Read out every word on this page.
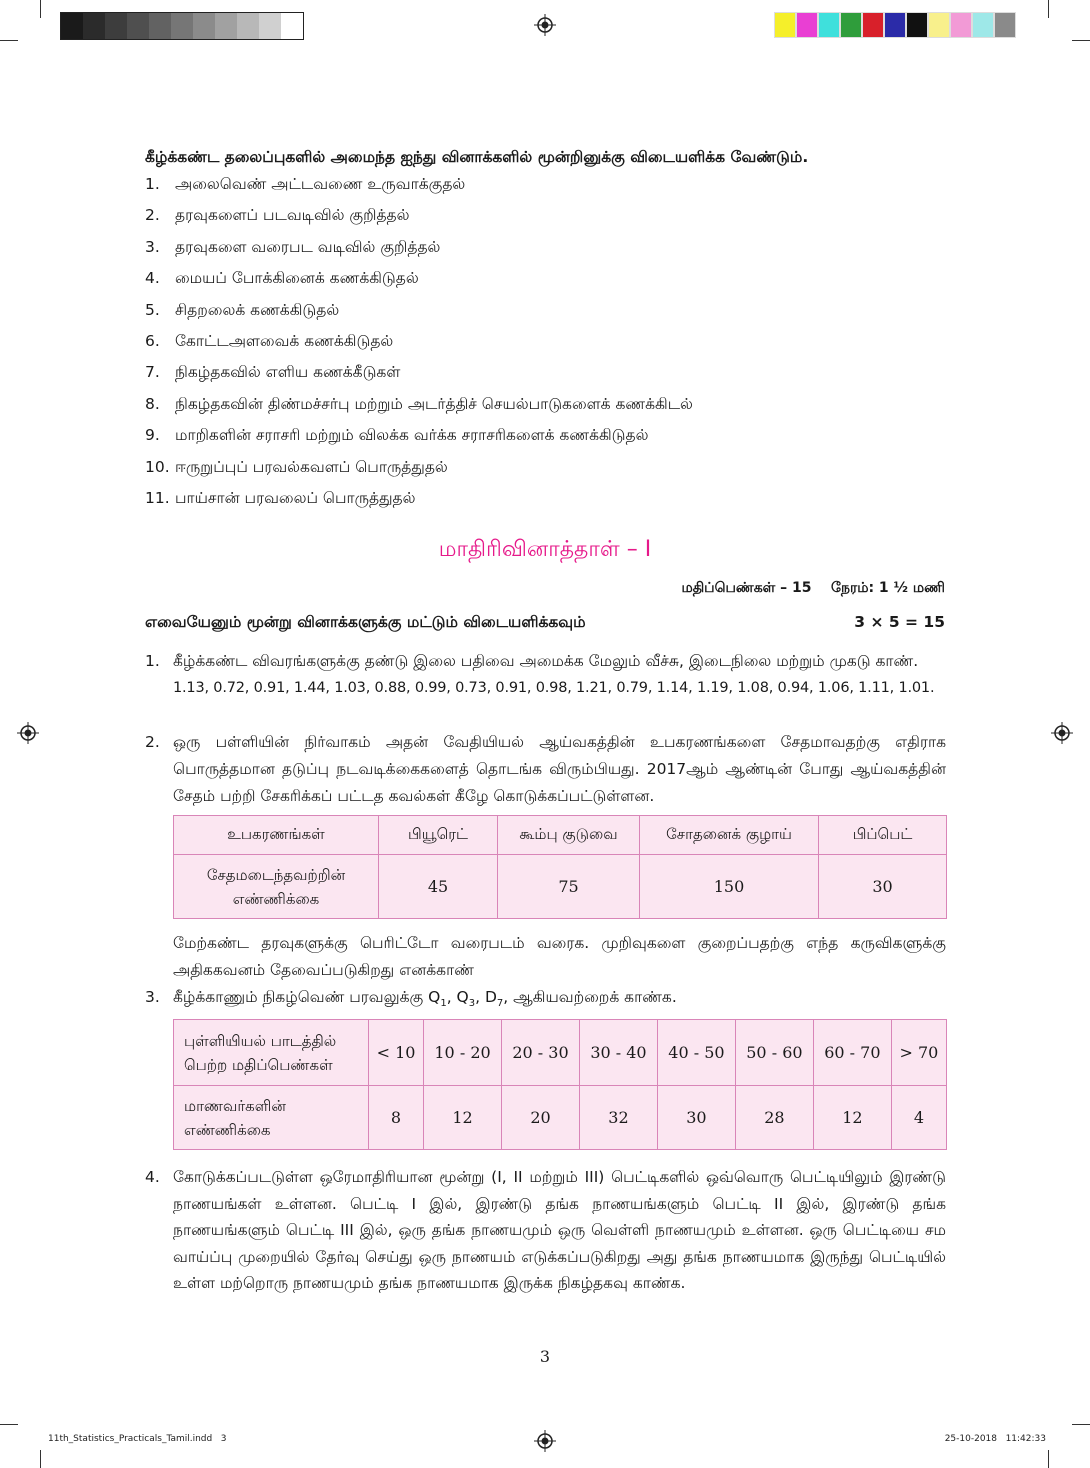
கீழ்க்கண்ட தலைப்புகளில் அமைந்த ஐந்து வினாக்களில் மூன்றினுக்கு விடையளிக்க வேண்டும்.
1. அலைவெண் அட்டவணை உருவாக்குதல்
2. தரவுகளைப் படவடிவில் குறித்தல்
3. தரவுகளை வரைபட வடிவில் குறித்தல்
4. மையப் போக்கினைக் கணக்கிடுதல்
5. சிதறலைக் கணக்கிடுதல்
6. கோட்டஅளவைக் கணக்கிடுதல்
7. நிகழ்தகவில் எளிய கணக்கீடுகள்
8. நிகழ்தகவின் திண்மச்சர்பு மற்றும் அடர்த்திச் செயல்பாடுகளைக் கணக்கிடல்
9. மாறிகளின் சராசரி மற்றும் விலக்க வர்க்க சராசரிகளைக் கணக்கிடுதல்
10. ஈருறுப்புப் பரவல்கவளப் பொருத்துதல்
11. பாய்சான் பரவலைப் பொருத்துதல்
மாதிரிவினாத்தாள் – I
மதிப்பெண்கள் – 15    நேரம்: 1 ½ மணி
எவையேனும் மூன்று வினாக்களுக்கு மட்டும் விடையளிக்கவும்	3 × 5 = 15
1. கீழ்க்கண்ட விவரங்களுக்கு தண்டு இலை பதிவை அமைக்க மேலும் வீச்சு, இடைநிலை மற்றும் முகடு காண்.
1.13, 0.72, 0.91, 1.44, 1.03, 0.88, 0.99, 0.73, 0.91, 0.98, 1.21, 0.79, 1.14, 1.19, 1.08, 0.94, 1.06, 1.11, 1.01.
2. ஒரு பள்ளியின் நிர்வாகம் அதன் வேதியியல் ஆய்வகத்தின் உபகரணங்களை சேதமாவதற்கு எதிராக பொருத்தமான தடுப்பு நடவடிக்கைகளைத் தொடங்க விரும்பியது. 2017ஆம் ஆண்டின் போது ஆய்வகத்தின் சேதம் பற்றி சேகரிக்கப் பட்டத கவல்கள் கீழே கொடுக்கப்பட்டுள்ளன.
உபகரணங்கள்	பியூரெட்	கூம்பு குடுவை	சோதனைக் குழாய்	பிப்பெட்
சேதமடைந்தவற்றின்
எண்ணிக்கை	45	75	150	30
மேற்கண்ட தரவுகளுக்கு பெரிட்டோ வரைபடம் வரைக. முறிவுகளை குறைப்பதற்கு எந்த கருவிகளுக்கு அதிககவனம் தேவைப்படுகிறது எனக்காண்
3. கீழ்க்காணும் நிகழ்வெண் பரவலுக்கு $Q_1$, $Q_3$, $D_7$, ஆகியவற்றைக் காண்க.
புள்ளியியல் பாடத்தில்
பெற்ற மதிப்பெண்கள்	< 10	10 - 20	20 - 30	30 - 40	40 - 50	50 - 60	60 - 70	> 70
மாணவர்களின்
எண்ணிக்கை	8	12	20	32	30	28	12	4
4. கோடுக்கப்படடுள்ள ஒரேமாதிரியான மூன்று (I, II மற்றும் III) பெட்டிகளில் ஒவ்வொரு பெட்டியிலும் இரண்டு நாணயங்கள் உள்ளன. பெட்டி I இல், இரண்டு தங்க நாணயங்களும் பெட்டி II இல், இரண்டு தங்க நாணயங்களும் பெட்டி III இல், ஒரு தங்க நாணயமும் ஒரு வெள்ளி நாணயமும் உள்ளன. ஒரு பெட்டியை சம வாய்ப்பு முறையில் தேர்வு செய்து ஒரு நாணயம் எடுக்கப்படுகிறது அது தங்க நாணயமாக இருந்து பெட்டியில் உள்ள மற்றொரு நாணயமும் தங்க நாணயமாக இருக்க நிகழ்தகவு காண்க.
3
11th_Statistics_Practicals_Tamil.indd   3	25-10-2018   11:42:33
